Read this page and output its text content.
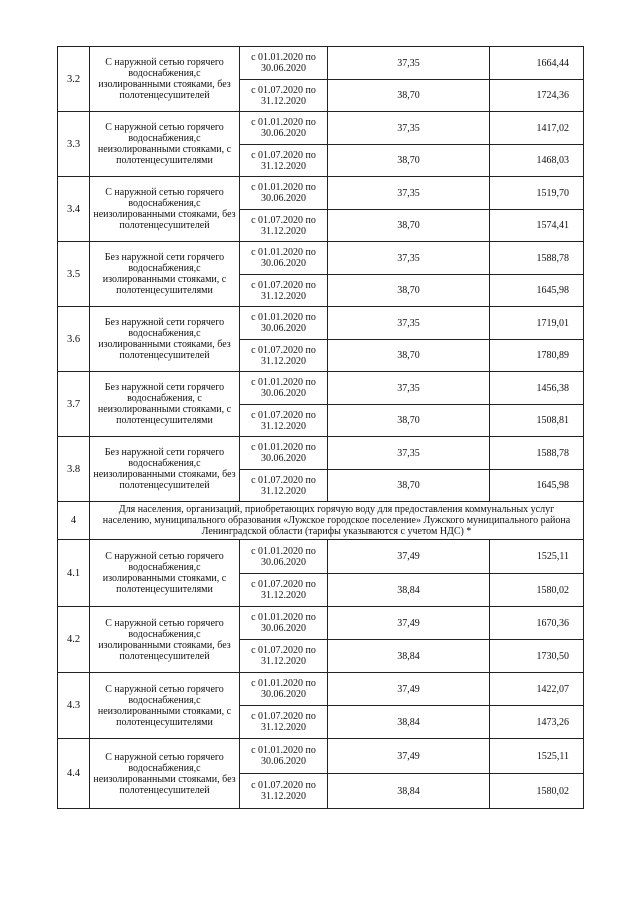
3.2	С наружной сетью горячего водоснабжения,с изолированными стояками, без полотенцесушителей	с 01.01.2020 по 30.06.2020	37,35	1664,44
		с 01.07.2020 по 31.12.2020	38,70	1724,36
3.3	С наружной сетью горячего водоснабжения,с неизолированными стояками, с полотенцесушителями	с 01.01.2020 по 30.06.2020	37,35	1417,02
		с 01.07.2020 по 31.12.2020	38,70	1468,03
3.4	С наружной сетью горячего водоснабжения,с неизолированными стояками, без полотенцесушителей	с 01.01.2020 по 30.06.2020	37,35	1519,70
		с 01.07.2020 по 31.12.2020	38,70	1574,41
3.5	Без наружной сети горячего водоснабжения,с изолированными стояками, с полотенцесушителями	с 01.01.2020 по 30.06.2020	37,35	1588,78
		с 01.07.2020 по 31.12.2020	38,70	1645,98
3.6	Без наружной сети горячего водоснабжения,с изолированными стояками, без полотенцесушителей	с 01.01.2020 по 30.06.2020	37,35	1719,01
		с 01.07.2020 по 31.12.2020	38,70	1780,89
3.7	Без наружной сети горячего водоснабжения, с неизолированными стояками, с полотенцесушителями	с 01.01.2020 по 30.06.2020	37,35	1456,38
		с 01.07.2020 по 31.12.2020	38,70	1508,81
3.8	Без наружной сети горячего водоснабжения,с неизолированными стояками, без полотенцесушителей	с 01.01.2020 по 30.06.2020	37,35	1588,78
		с 01.07.2020 по 31.12.2020	38,70	1645,98
4	Для населения, организаций, приобретающих горячую воду для предоставления коммунальных услуг населению, муниципального образования «Лужское городское поселение» Лужского муниципального района Ленинградской области (тарифы указываются с учетом НДС) *			
4.1	С наружной сетью горячего водоснабжения,с изолированными стояками, с полотенцесушителями	с 01.01.2020 по 30.06.2020	37,49	1525,11
		с 01.07.2020 по 31.12.2020	38,84	1580,02
4.2	С наружной сетью горячего водоснабжения,с изолированными стояками, без полотенцесушителей	с 01.01.2020 по 30.06.2020	37,49	1670,36
		с 01.07.2020 по 31.12.2020	38,84	1730,50
4.3	С наружной сетью горячего водоснабжения,с неизолированными стояками, с полотенцесушителями	с 01.01.2020 по 30.06.2020	37,49	1422,07
		с 01.07.2020 по 31.12.2020	38,84	1473,26
4.4	С наружной сетью горячего водоснабжения,с неизолированными стояками, без полотенцесушителей	с 01.01.2020 по 30.06.2020	37,49	1525,11
		с 01.07.2020 по 31.12.2020	38,84	1580,02
